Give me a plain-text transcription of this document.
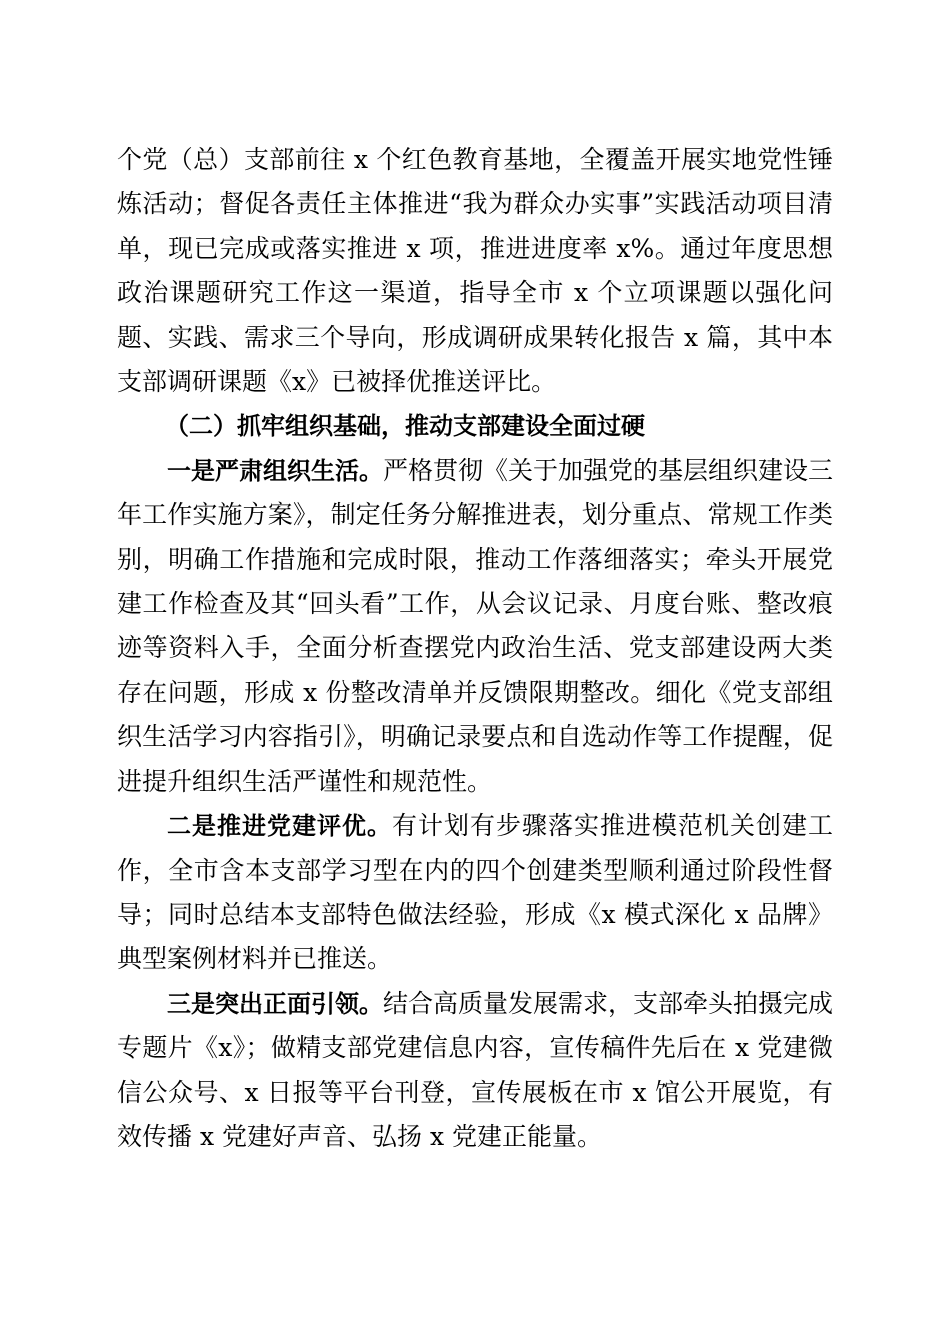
个党（总）支部前往 x 个红色教育基地，全覆盖开展实地党性锤炼活动；督促各责任主体推进“我为群众办实事”实践活动项目清单，现已完成或落实推进 x 项，推进进度率 x%。通过年度思想政治课题研究工作这一渠道，指导全市 x 个立项课题以强化问题、实践、需求三个导向，形成调研成果转化报告 x 篇，其中本支部调研课题《x》已被择优推送评比。

（二）抓牢组织基础，推动支部建设全面过硬

一是严肃组织生活。严格贯彻《关于加强党的基层组织建设三年工作实施方案》，制定任务分解推进表，划分重点、常规工作类别，明确工作措施和完成时限，推动工作落细落实；牵头开展党建工作检查及其“回头看”工作，从会议记录、月度台账、整改痕迹等资料入手，全面分析查摆党内政治生活、党支部建设两大类存在问题，形成 x 份整改清单并反馈限期整改。细化《党支部组织生活学习内容指引》，明确记录要点和自选动作等工作提醒，促进提升组织生活严谨性和规范性。

二是推进党建评优。有计划有步骤落实推进模范机关创建工作，全市含本支部学习型在内的四个创建类型顺利通过阶段性督导；同时总结本支部特色做法经验，形成《x 模式深化 x 品牌》典型案例材料并已推送。

三是突出正面引领。结合高质量发展需求，支部牵头拍摄完成专题片《x》；做精支部党建信息内容，宣传稿件先后在 x 党建微信公众号、x 日报等平台刊登，宣传展板在市 x 馆公开展览，有效传播 x 党建好声音、弘扬 x 党建正能量。
